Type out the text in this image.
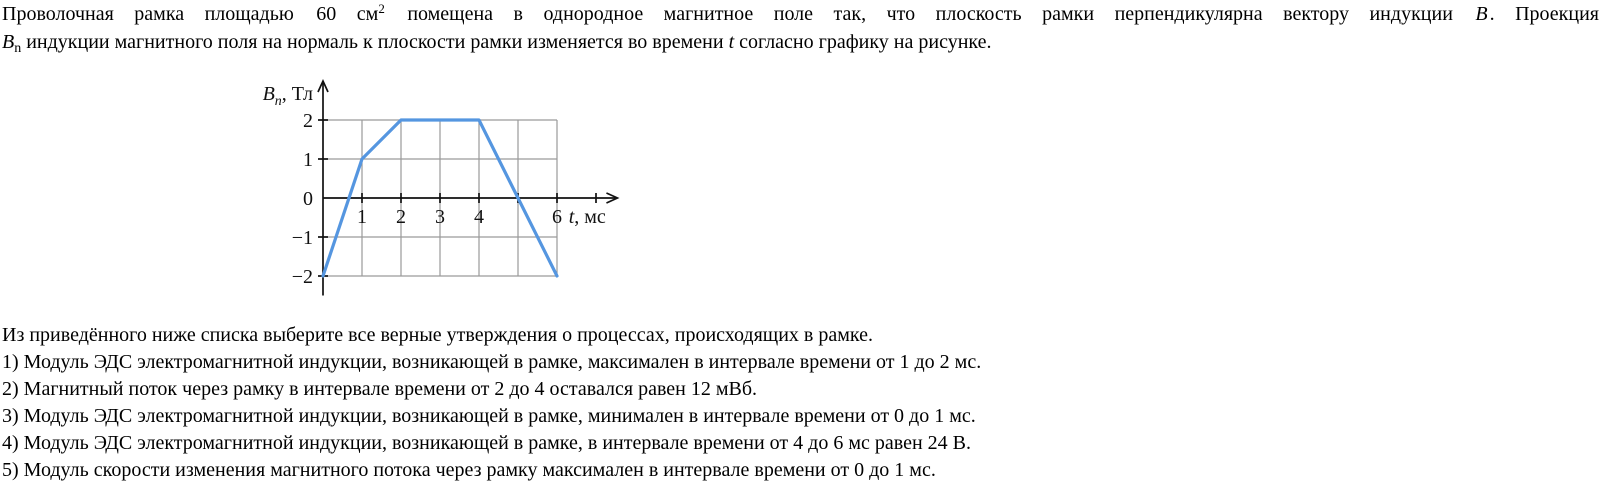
Проволочная рамка площадью 60 $см^2$ помещена в однородное магнитное поле так, что плоскость рамки перпендикулярна вектору индукции B . Проекция
$B_n$ индукции магнитного поля на нормаль к плоскости рамки изменяется во времени t согласно графику на рисунке.
1 2 3 4	6
2
1
0
−1
−2
$B_n$, Тл
t, мс
Из приведённого ниже списка выберите все верные утверждения о процессах, происходящих в рамке.
1) Модуль ЭДС электромагнитной индукции, возникающей в рамке, максимален в интервале времени от 1 до 2 мс.
2) Магнитный поток через рамку в интервале времени от 2 до 4 оставался равен 12 мВб.
3) Модуль ЭДС электромагнитной индукции, возникающей в рамке, минимален в интервале времени от 0 до 1 мс.
4) Модуль ЭДС электромагнитной индукции, возникающей в рамке, в интервале времени от 4 до 6 мс равен 24 В.
5) Модуль скорости изменения магнитного потока через рамку максимален в интервале времени от 0 до 1 мс.
